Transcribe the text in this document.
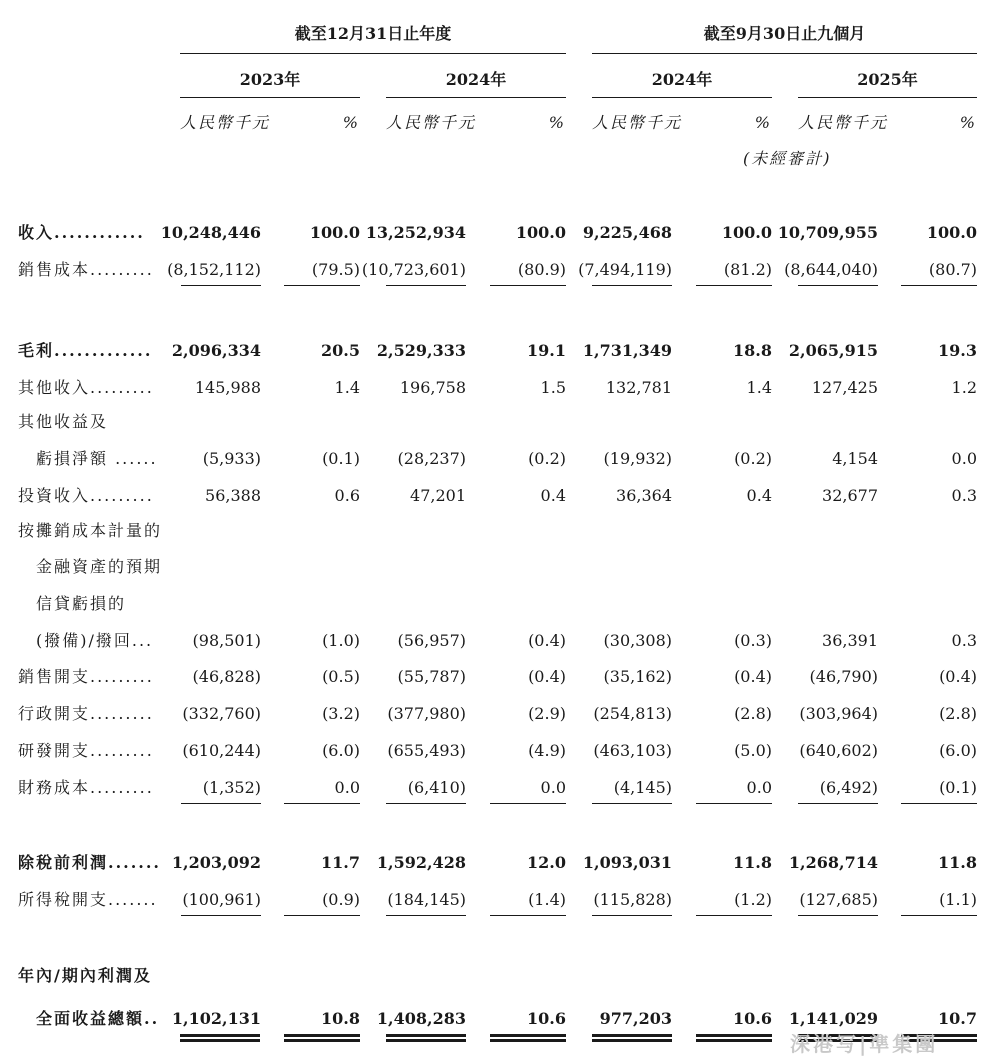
截至12月31日止年度	截至9月30日止九個月
2023年	2024年	2024年	2025年
人民幣千元	% 人民幣千元	% 人民幣千元	% 人民幣千元	%
(未經審計)
收入............ 10,248,446	100.0 13,252,934	100.0	9,225,468	100.0 10,709,955	100.0
銷售成本......... (8,152,112)	(79.5) (10,723,601)	(80.9) (7,494,119)	(81.2) (8,644,040)	(80.7)
毛利.............	2,096,334	20.5	2,529,333	19.1	1,731,349	18.8	2,065,915	19.3
其他收入.........	145,988	1.4	196,758	1.5	132,781	1.4	127,425	1.2
其他收益及
虧損淨額 ......	(5,933)	(0.1)	(28,237)	(0.2)	(19,932)	(0.2)	4,154	0.0
投資收入.........	56,388	0.6	47,201	0.4	36,364	0.4	32,677	0.3
按攤銷成本計量的
金融資產的預期
信貸虧損的
(撥備)/撥回...	(98,501)	(1.0)	(56,957)	(0.4)	(30,308)	(0.3)	36,391	0.3
銷售開支.........	(46,828)	(0.5)	(55,787)	(0.4)	(35,162)	(0.4)	(46,790)	(0.4)
行政開支.........	(332,760)	(3.2)	(377,980)	(2.9)	(254,813)	(2.8)	(303,964)	(2.8)
研發開支.........	(610,244)	(6.0)	(655,493)	(4.9)	(463,103)	(5.0)	(640,602)	(6.0)
財務成本.........	(1,352)	0.0	(6,410)	0.0	(4,145)	0.0	(6,492)	(0.1)
除稅前利潤....... 1,203,092	11.7	1,592,428	12.0	1,093,031	11.8	1,268,714	11.8
所得稅開支.......	(100,961)	(0.9)	(184,145)	(1.4)	(115,828)	(1.2)	(127,685)	(1.1)
年內/期內利潤及
全面收益總額.. 1,102,131	10.8	1,408,283	10.6	977,203	10.6	1,141,029	10.7
深港写|準集團
